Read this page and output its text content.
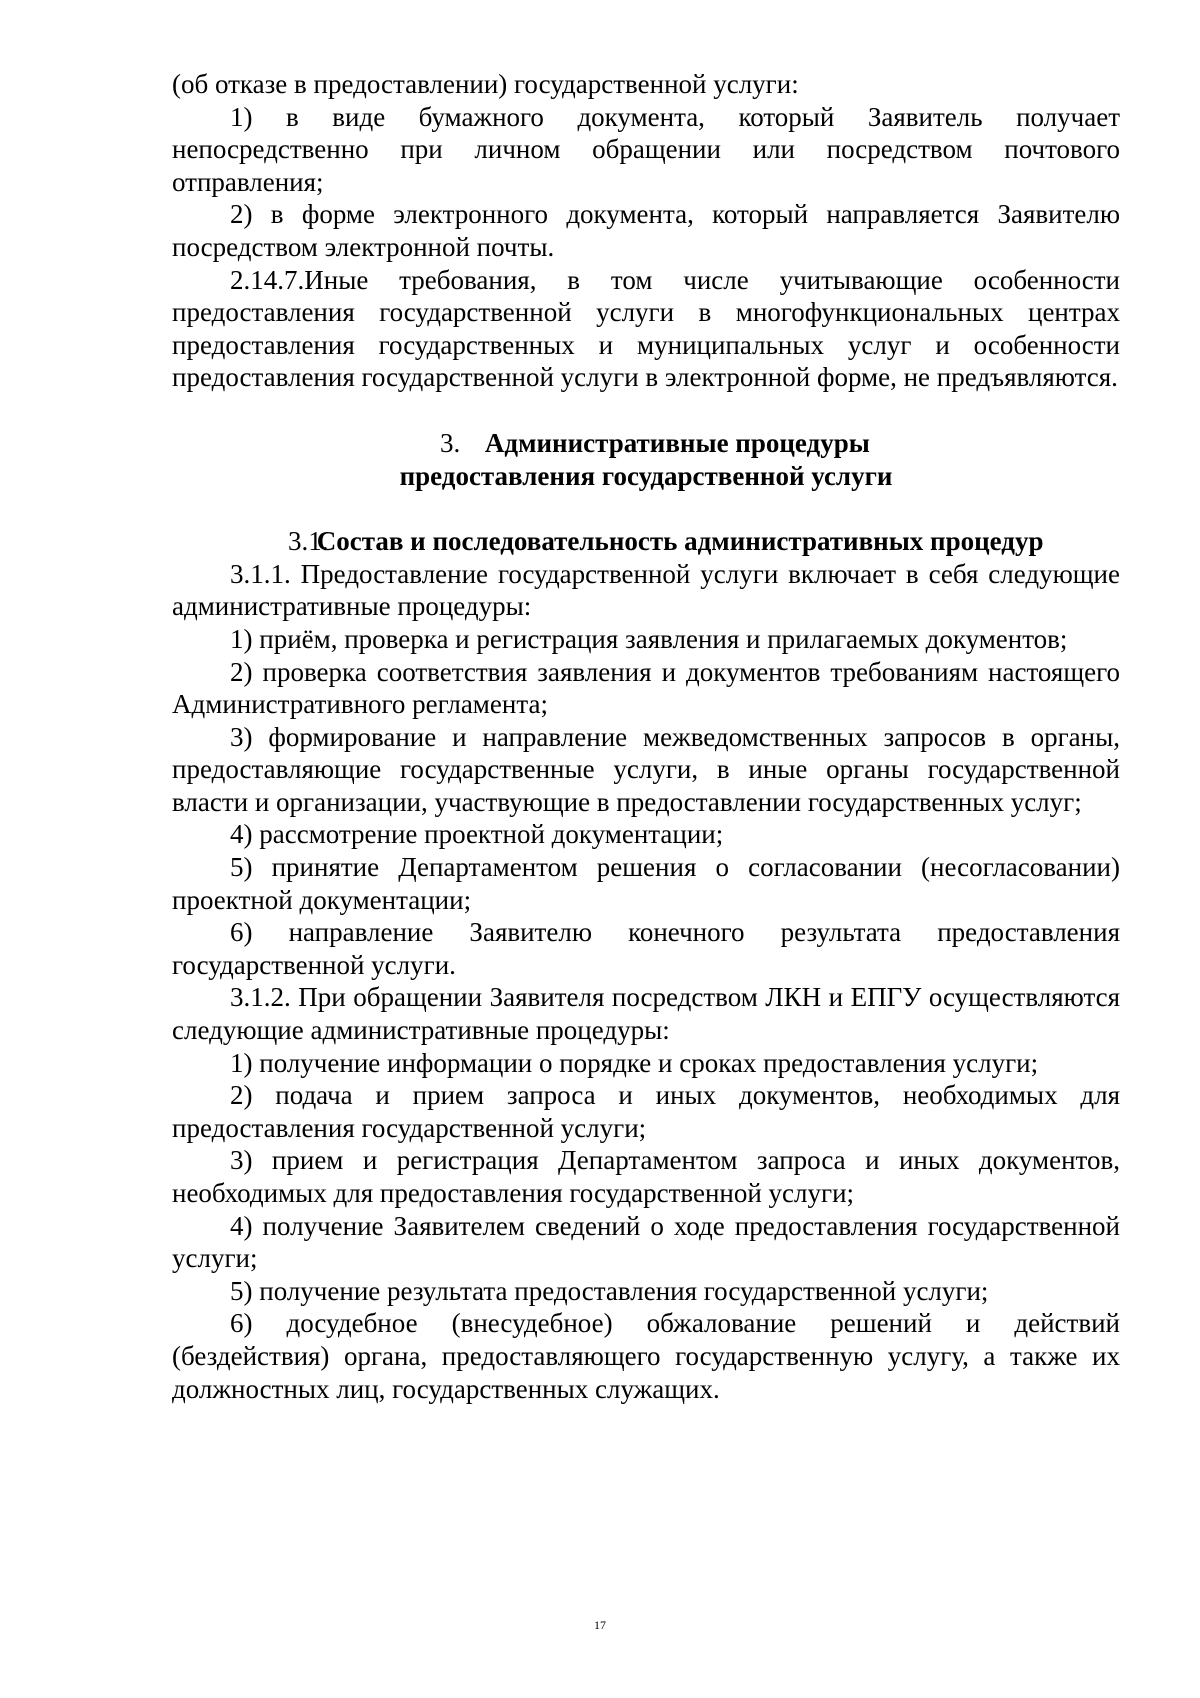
(об отказе в предоставлении) государственной услуги:

1) в виде бумажного документа, который Заявитель получает непосредственно при личном обращении или посредством почтового отправления;

2) в форме электронного документа, который направляется Заявителю посредством электронной почты.

2.14.7.Иные требования, в том числе учитывающие особенности предоставления государственной услуги в многофункциональных центрах предоставления государственных и муниципальных услуг и особенности предоставления государственной услуги в электронной форме, не предъявляются.

3. Административные процедуры
предоставления государственной услуги

3.1. Состав и последовательность административных процедур

3.1.1. Предоставление государственной услуги включает в себя следующие административные процедуры:

1) приём, проверка и регистрация заявления и прилагаемых документов;

2) проверка соответствия заявления и документов требованиям настоящего Административного регламента;

3) формирование и направление межведомственных запросов в органы, предоставляющие государственные услуги, в иные органы государственной власти и организации, участвующие в предоставлении государственных услуг;

4) рассмотрение проектной документации;

5) принятие Департаментом решения о согласовании (несогласовании) проектной документации;

6) направление Заявителю конечного результата предоставления государственной услуги.

3.1.2. При обращении Заявителя посредством ЛКН и ЕПГУ осуществляются следующие административные процедуры:

1) получение информации о порядке и сроках предоставления услуги;

2) подача и прием запроса и иных документов, необходимых для предоставления государственной услуги;

3) прием и регистрация Департаментом запроса и иных документов, необходимых для предоставления государственной услуги;

4) получение Заявителем сведений о ходе предоставления государственной услуги;

5) получение результата предоставления государственной услуги;

6) досудебное (внесудебное) обжалование решений и действий (бездействия) органа, предоставляющего государственную услугу, а также их должностных лиц, государственных служащих.

17
